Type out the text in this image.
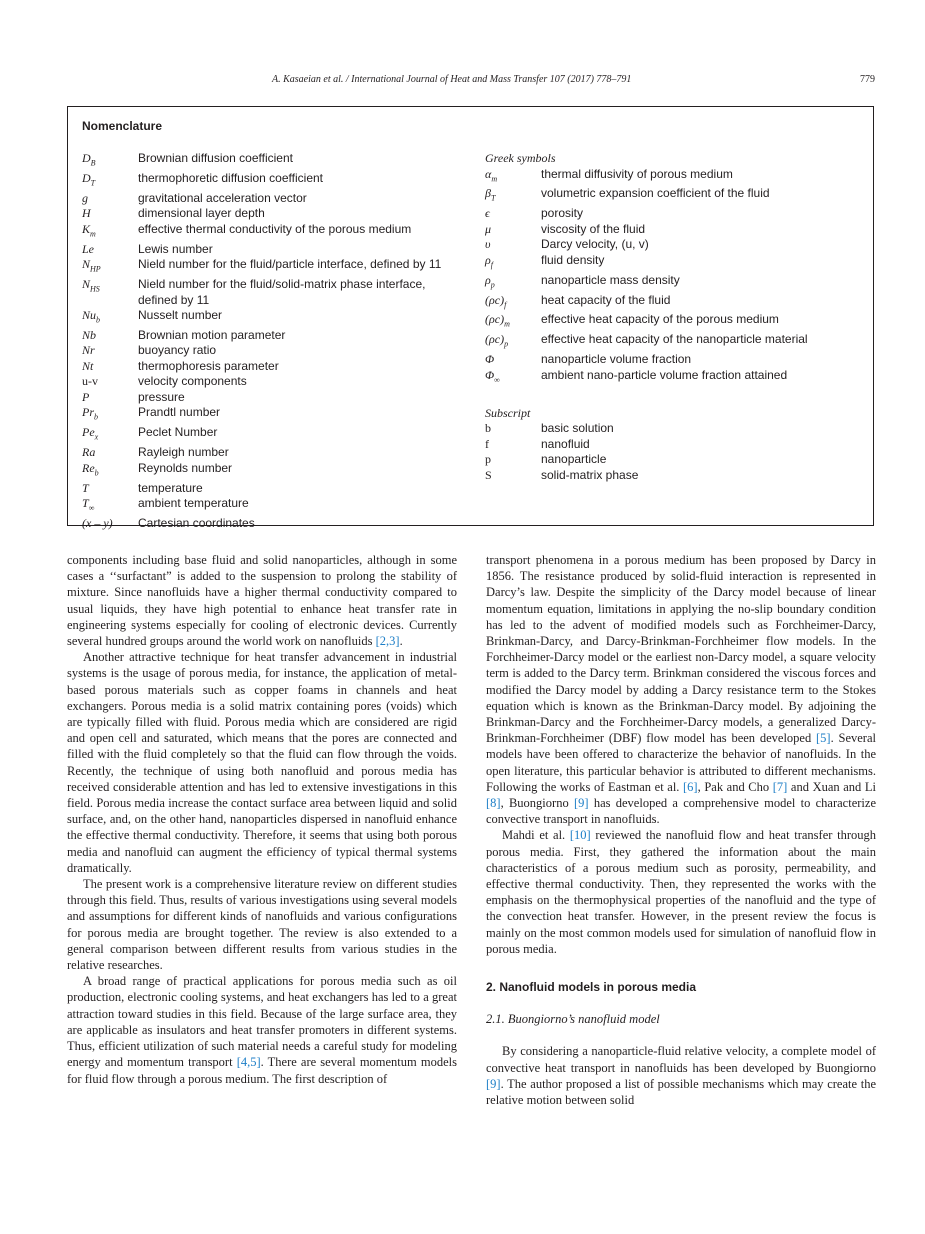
A. Kasaeian et al. / International Journal of Heat and Mass Transfer 107 (2017) 778–791	779
Nomenclature
$D_B$	Brownian diffusion coefficient
$D_T$	thermophoretic diffusion coefficient
g	gravitational acceleration vector
H	dimensional layer depth
$K_m$	effective thermal conductivity of the porous medium
Le	Lewis number
$N_{HP}$	Nield number for the fluid/particle interface, defined by 11
$N_{HS}$	Nield number for the fluid/solid-matrix phase interface, defined by 11
$Nu_b$	Nusselt number
Nb	Brownian motion parameter
Nr	buoyancy ratio
Nt	thermophoresis parameter
u-v	velocity components
P	pressure
$Pr_b$	Prandtl number
$Pe_x$	Peclet Number
Ra	Rayleigh number
$Re_b$	Reynolds number
T	temperature
$T_\infty$	ambient temperature
(x – y)	Cartesian coordinates
Greek symbols
$\alpha_m$	thermal diffusivity of porous medium
$\beta_T$	volumetric expansion coefficient of the fluid
ϵ	porosity
μ	viscosity of the fluid
υ	Darcy velocity, (u, v)
$\rho_f$	fluid density
$\rho_p$	nanoparticle mass density
$(\rho c)_f$	heat capacity of the fluid
$(\rho c)_m$	effective heat capacity of the porous medium
$(\rho c)_p$	effective heat capacity of the nanoparticle material
Φ	nanoparticle volume fraction
$\Phi_\infty$	ambient nano-particle volume fraction attained
Subscript
b	basic solution
f	nanofluid
p	nanoparticle
S	solid-matrix phase

components including base fluid and solid nanoparticles, although in some cases a ‘‘surfactant” is added to the suspension to prolong the stability of mixture. Since nanofluids have a higher thermal conductivity compared to usual liquids, they have high potential to enhance heat transfer rate in engineering systems especially for cooling of electronic devices. Currently several hundred groups around the world work on nanofluids [2,3].

Another attractive technique for heat transfer advancement in industrial systems is the usage of porous media, for instance, the application of metal-based porous materials such as copper foams in channels and heat exchangers. Porous media is a solid matrix containing pores (voids) which are typically filled with fluid. Porous media which are considered are rigid and open cell and saturated, which means that the pores are connected and filled with the fluid completely so that the fluid can flow through the voids. Recently, the technique of using both nanofluid and porous media has received considerable attention and has led to extensive investigations in this field. Porous media increase the contact surface area between liquid and solid surface, and, on the other hand, nanoparticles dispersed in nanofluid enhance the effective thermal conductivity. Therefore, it seems that using both porous media and nanofluid can augment the efficiency of typical thermal systems dramatically.

The present work is a comprehensive literature review on different studies through this field. Thus, results of various investigations using several models and assumptions for different kinds of nanofluids and various configurations for porous media are brought together. The review is also extended to a general comparison between different results from various studies in the relative researches.

A broad range of practical applications for porous media such as oil production, electronic cooling systems, and heat exchangers has led to a great attraction toward studies in this field. Because of the large surface area, they are applicable as insulators and heat transfer promoters in different systems. Thus, efficient utilization of such material needs a careful study for modeling energy and momentum transport [4,5]. There are several momentum models for fluid flow through a porous medium. The first description of

transport phenomena in a porous medium has been proposed by Darcy in 1856. The resistance produced by solid-fluid interaction is represented in Darcy’s law. Despite the simplicity of the Darcy model because of linear momentum equation, limitations in applying the no-slip boundary condition has led to the advent of modified models such as Forchheimer-Darcy, Brinkman-Darcy, and Darcy-Brinkman-Forchheimer flow models. In the Forchheimer-Darcy model or the earliest non-Darcy model, a square velocity term is added to the Darcy term. Brinkman considered the viscous forces and modified the Darcy model by adding a Darcy resistance term to the Stokes equation which is known as the Brinkman-Darcy model. By adjoining the Brinkman-Darcy and the Forchheimer-Darcy models, a generalized Darcy-Brinkman-Forchheimer (DBF) flow model has been developed [5]. Several models have been offered to characterize the behavior of nanofluids. In the open literature, this particular behavior is attributed to different mechanisms. Following the works of Eastman et al. [6], Pak and Cho [7] and Xuan and Li [8], Buongiorno [9] has developed a comprehensive model to characterize convective transport in nanofluids.

Mahdi et al. [10] reviewed the nanofluid flow and heat transfer through porous media. First, they gathered the information about the main characteristics of a porous medium such as porosity, permeability, and effective thermal conductivity. Then, they represented the works with the emphasis on the thermophysical properties of the nanofluid and the type of the convection heat transfer. However, in the present review the focus is mainly on the most common models used for simulation of nanofluid flow in porous media.

2. Nanofluid models in porous media
2.1. Buongiorno’s nanofluid model

By considering a nanoparticle-fluid relative velocity, a complete model of convective heat transport in nanofluids has been developed by Buongiorno [9]. The author proposed a list of possible mechanisms which may create the relative motion between solid
